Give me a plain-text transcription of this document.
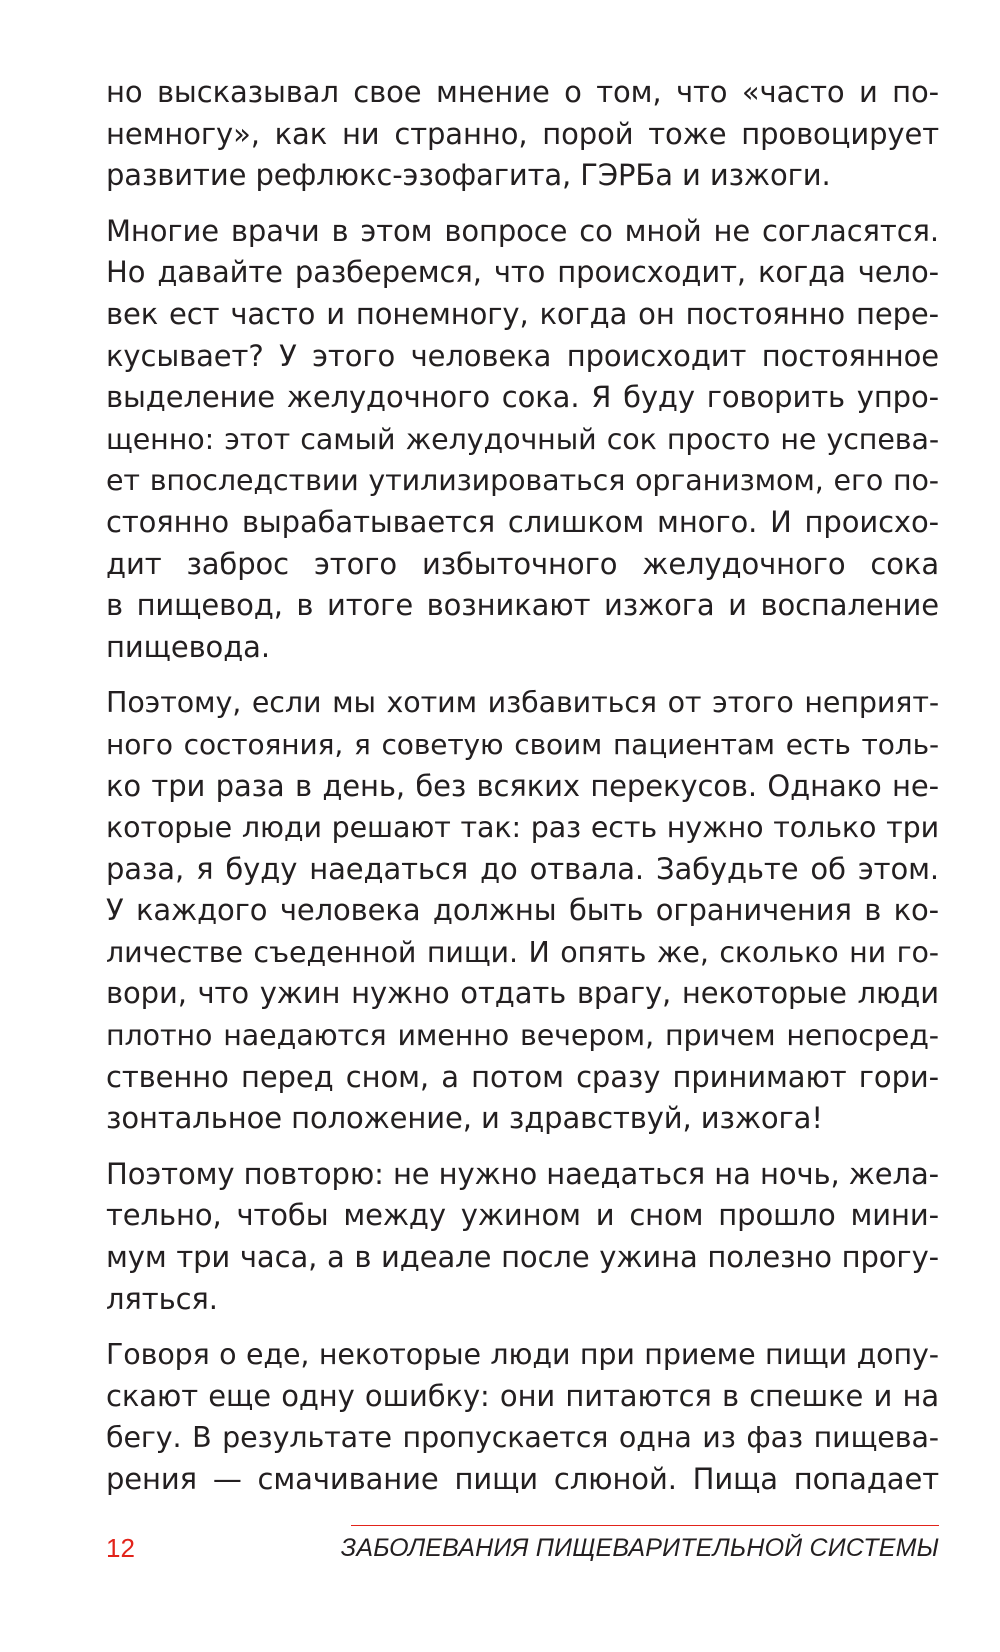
но высказывал свое мнение о том, что «часто и по-
немногу», как ни странно, порой тоже провоцирует
развитие рефлюкс-эзофагита, ГЭРБа и изжоги.

Многие врачи в этом вопросе со мной не согласятся.
Но давайте разберемся, что происходит, когда чело-
век ест часто и понемногу, когда он постоянно пере-
кусывает? У этого человека происходит постоянное
выделение желудочного сока. Я буду говорить упро-
щенно: этот самый желудочный сок просто не успева-
ет впоследствии утилизироваться организмом, его по-
стоянно вырабатывается слишком много. И происхо-
дит заброс этого избыточного желудочного сока
в пищевод, в итоге возникают изжога и воспаление
пищевода.

Поэтому, если мы хотим избавиться от этого неприят-
ного состояния, я советую своим пациентам есть толь-
ко три раза в день, без всяких перекусов. Однако не-
которые люди решают так: раз есть нужно только три
раза, я буду наедаться до отвала. Забудьте об этом.
У каждого человека должны быть ограничения в ко-
личестве съеденной пищи. И опять же, сколько ни го-
вори, что ужин нужно отдать врагу, некоторые люди
плотно наедаются именно вечером, причем непосред-
ственно перед сном, а потом сразу принимают гори-
зонтальное положение, и здравствуй, изжога!

Поэтому повторю: не нужно наедаться на ночь, жела-
тельно, чтобы между ужином и сном прошло мини-
мум три часа, а в идеале после ужина полезно прогу-
ляться.

Говоря о еде, некоторые люди при приеме пищи допу-
скают еще одну ошибку: они питаются в спешке и на
бегу. В результате пропускается одна из фаз пищева-
рения — смачивание пищи слюной. Пища попадает

12	ЗАБОЛЕВАНИЯ ПИЩЕВАРИТЕЛЬНОЙ СИСТЕМЫ
